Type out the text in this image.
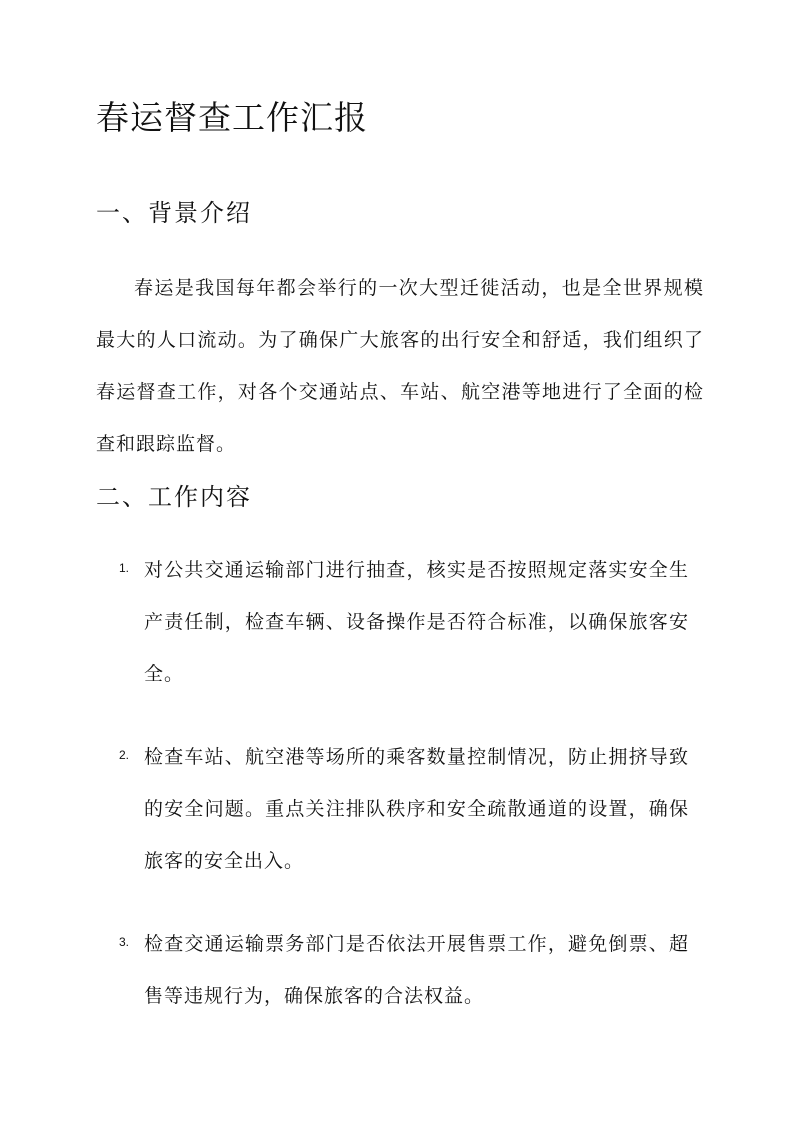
春运督查工作汇报
一、背景介绍

春运是我国每年都会举行的一次大型迁徙活动，也是全世界规模最大的人口流动。为了确保广大旅客的出行安全和舒适，我们组织了春运督查工作，对各个交通站点、车站、航空港等地进行了全面的检查和跟踪监督。

二、工作内容
1. 对公共交通运输部门进行抽查，核实是否按照规定落实安全生产责任制，检查车辆、设备操作是否符合标准，以确保旅客安全。
2. 检查车站、航空港等场所的乘客数量控制情况，防止拥挤导致的安全问题。重点关注排队秩序和安全疏散通道的设置，确保旅客的安全出入。
3. 检查交通运输票务部门是否依法开展售票工作，避免倒票、超售等违规行为，确保旅客的合法权益。
